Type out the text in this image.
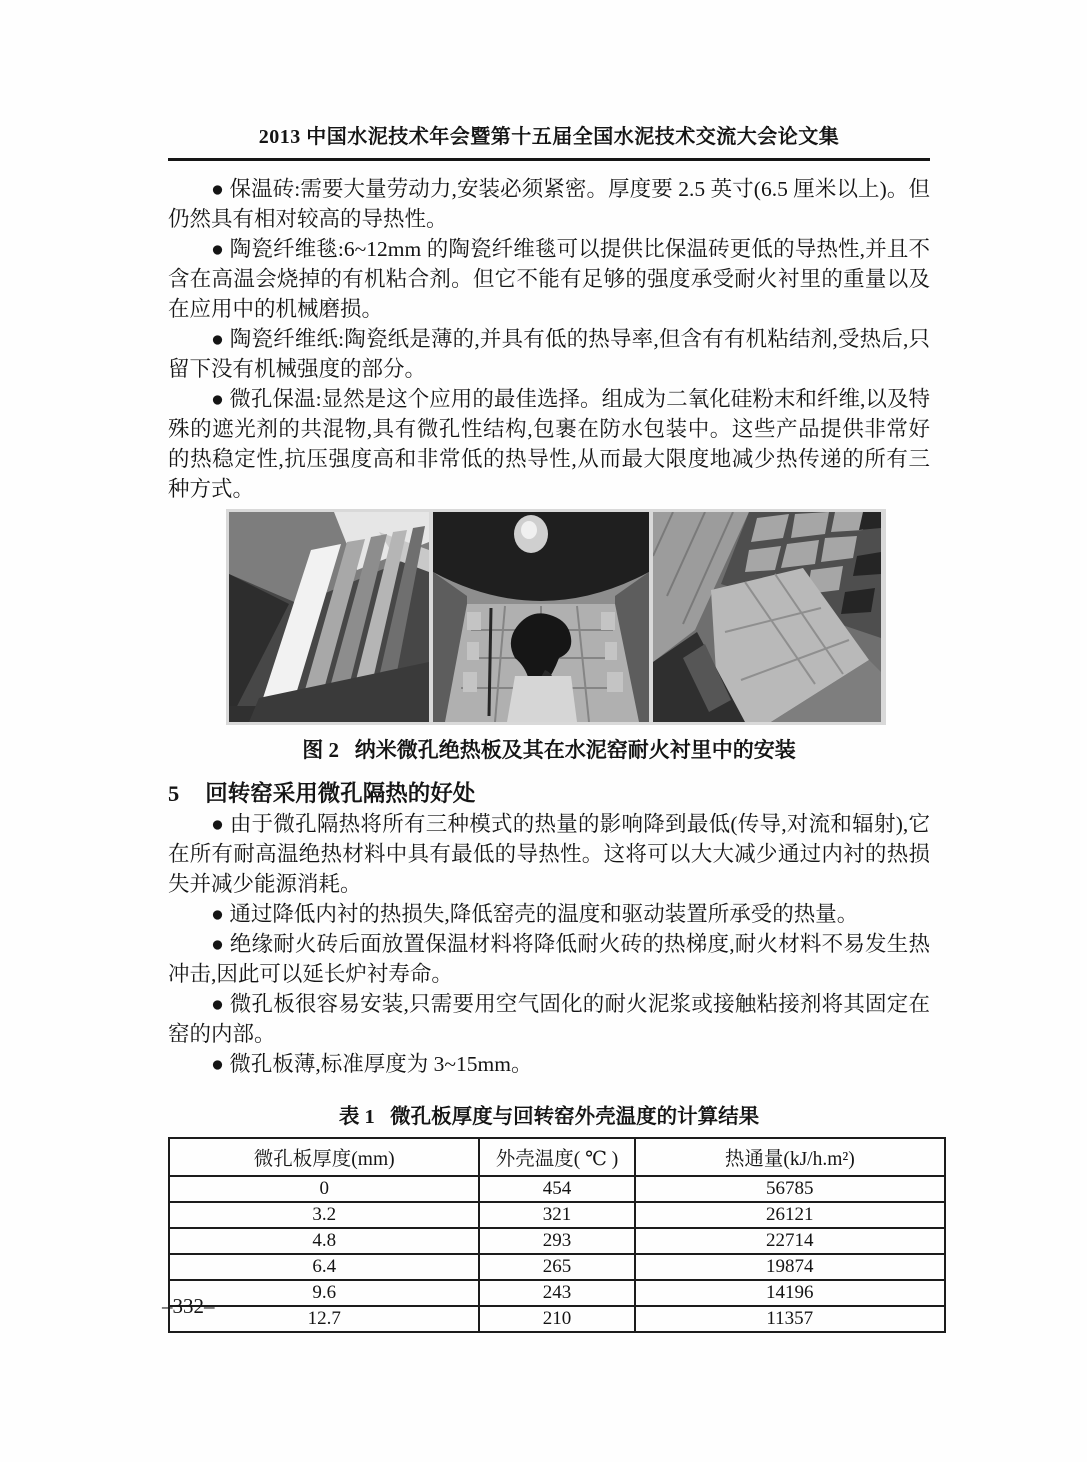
2013 中国水泥技术年会暨第十五届全国水泥技术交流大会论文集

● 保温砖:需要大量劳动力,安装必须紧密。厚度要 2.5 英寸(6.5 厘米以上)。但仍然具有相对较高的导热性。

● 陶瓷纤维毯:6~12mm 的陶瓷纤维毯可以提供比保温砖更低的导热性,并且不含在高温会烧掉的有机粘合剂。但它不能有足够的强度承受耐火衬里的重量以及在应用中的机械磨损。

● 陶瓷纤维纸:陶瓷纸是薄的,并具有低的热导率,但含有有机粘结剂,受热后,只留下没有机械强度的部分。

● 微孔保温:显然是这个应用的最佳选择。组成为二氧化硅粉末和纤维,以及特殊的遮光剂的共混物,具有微孔性结构,包裹在防水包装中。这些产品提供非常好的热稳定性,抗压强度高和非常低的热导性,从而最大限度地减少热传递的所有三种方式。

图 2   纳米微孔绝热板及其在水泥窑耐火衬里中的安装
5 回转窑采用微孔隔热的好处

● 由于微孔隔热将所有三种模式的热量的影响降到最低(传导,对流和辐射),它在所有耐高温绝热材料中具有最低的导热性。这将可以大大减少通过内衬的热损失并减少能源消耗。

● 通过降低内衬的热损失,降低窑壳的温度和驱动装置所承受的热量。

● 绝缘耐火砖后面放置保温材料将降低耐火砖的热梯度,耐火材料不易发生热冲击,因此可以延长炉衬寿命。

● 微孔板很容易安装,只需要用空气固化的耐火泥浆或接触粘接剂将其固定在窑的内部。

● 微孔板薄,标准厚度为 3~15mm。

表 1   微孔板厚度与回转窑外壳温度的计算结果
微孔板厚度(mm)	外壳温度( ℃ )	热通量(kJ/h.m²)
0	454	56785
3.2	321	26121
4.8	293	22714
6.4	265	19874
9.6	243	14196
12.7	210	11357
–332–
